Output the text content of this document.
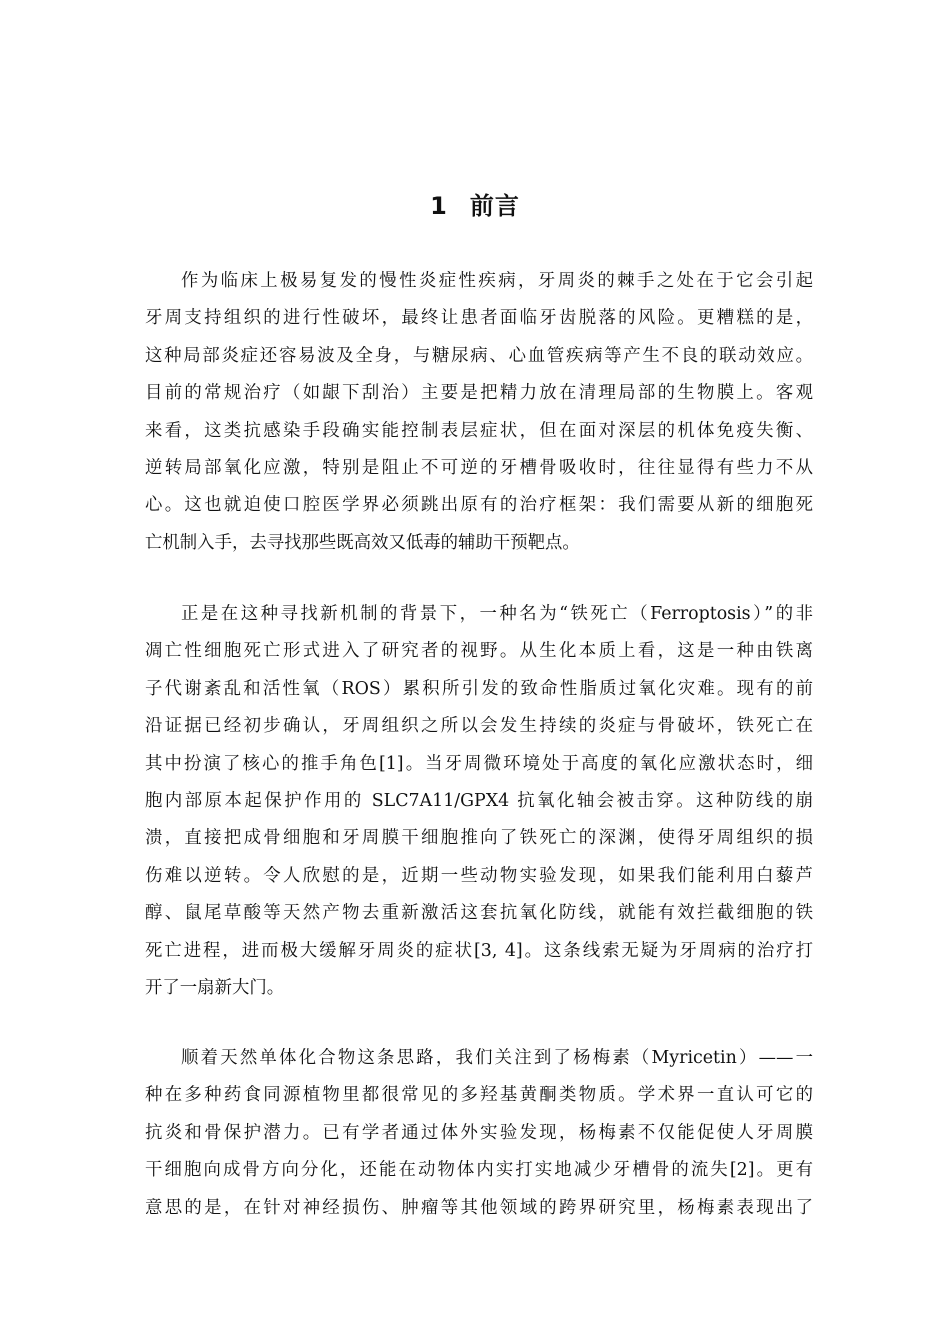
1 前言
作为临床上极易复发的慢性炎症性疾病，牙周炎的棘手之处在于它会引起
牙周支持组织的进行性破坏，最终让患者面临牙齿脱落的风险。更糟糕的是，
这种局部炎症还容易波及全身，与糖尿病、心血管疾病等产生不良的联动效应。
目前的常规治疗（如龈下刮治）主要是把精力放在清理局部的生物膜上。客观
来看，这类抗感染手段确实能控制表层症状，但在面对深层的机体免疫失衡、
逆转局部氧化应激，特别是阻止不可逆的牙槽骨吸收时，往往显得有些力不从
心。这也就迫使口腔医学界必须跳出原有的治疗框架：我们需要从新的细胞死
亡机制入手，去寻找那些既高效又低毒的辅助干预靶点。
正是在这种寻找新机制的背景下，一种名为“铁死亡（Ferroptosis）”的非
凋亡性细胞死亡形式进入了研究者的视野。从生化本质上看，这是一种由铁离
子代谢紊乱和活性氧（ROS）累积所引发的致命性脂质过氧化灾难。现有的前
沿证据已经初步确认，牙周组织之所以会发生持续的炎症与骨破坏，铁死亡在
其中扮演了核心的推手角色[1]。当牙周微环境处于高度的氧化应激状态时，细
胞内部原本起保护作用的 SLC7A11/GPX4 抗氧化轴会被击穿。这种防线的崩
溃，直接把成骨细胞和牙周膜干细胞推向了铁死亡的深渊，使得牙周组织的损
伤难以逆转。令人欣慰的是，近期一些动物实验发现，如果我们能利用白藜芦
醇、鼠尾草酸等天然产物去重新激活这套抗氧化防线，就能有效拦截细胞的铁
死亡进程，进而极大缓解牙周炎的症状[3, 4]。这条线索无疑为牙周病的治疗打
开了一扇新大门。
顺着天然单体化合物这条思路，我们关注到了杨梅素（Myricetin）——一
种在多种药食同源植物里都很常见的多羟基黄酮类物质。学术界一直认可它的
抗炎和骨保护潜力。已有学者通过体外实验发现，杨梅素不仅能促使人牙周膜
干细胞向成骨方向分化，还能在动物体内实打实地减少牙槽骨的流失[2]。更有
意思的是，在针对神经损伤、肿瘤等其他领域的跨界研究里，杨梅素表现出了
